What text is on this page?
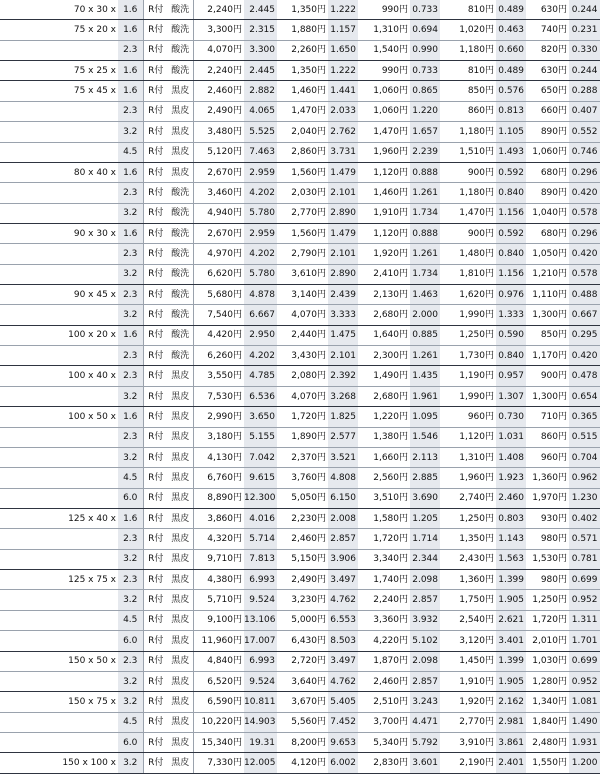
70 x 30 x	1.6	R付	酸洗	2,240円	2.445	1,350円	1.222	990円	0.733	810円	0.489	630円	0.244
75 x 20 x	1.6	R付	酸洗	3,300円	2.315	1,880円	1.157	1,310円	0.694	1,020円	0.463	740円	0.231
	2.3	R付	酸洗	4,070円	3.300	2,260円	1.650	1,540円	0.990	1,180円	0.660	820円	0.330
75 x 25 x	1.6	R付	酸洗	2,240円	2.445	1,350円	1.222	990円	0.733	810円	0.489	630円	0.244
75 x 45 x	1.6	R付	黒皮	2,460円	2.882	1,460円	1.441	1,060円	0.865	850円	0.576	650円	0.288
	2.3	R付	黒皮	2,490円	4.065	1,470円	2.033	1,060円	1.220	860円	0.813	660円	0.407
	3.2	R付	黒皮	3,480円	5.525	2,040円	2.762	1,470円	1.657	1,180円	1.105	890円	0.552
	4.5	R付	黒皮	5,120円	7.463	2,860円	3.731	1,960円	2.239	1,510円	1.493	1,060円	0.746
80 x 40 x	1.6	R付	黒皮	2,670円	2.959	1,560円	1.479	1,120円	0.888	900円	0.592	680円	0.296
	2.3	R付	酸洗	3,460円	4.202	2,030円	2.101	1,460円	1.261	1,180円	0.840	890円	0.420
	3.2	R付	酸洗	4,940円	5.780	2,770円	2.890	1,910円	1.734	1,470円	1.156	1,040円	0.578
90 x 30 x	1.6	R付	酸洗	2,670円	2.959	1,560円	1.479	1,120円	0.888	900円	0.592	680円	0.296
	2.3	R付	酸洗	4,970円	4.202	2,790円	2.101	1,920円	1.261	1,480円	0.840	1,050円	0.420
	3.2	R付	酸洗	6,620円	5.780	3,610円	2.890	2,410円	1.734	1,810円	1.156	1,210円	0.578
90 x 45 x	2.3	R付	酸洗	5,680円	4.878	3,140円	2.439	2,130円	1.463	1,620円	0.976	1,110円	0.488
	3.2	R付	酸洗	7,540円	6.667	4,070円	3.333	2,680円	2.000	1,990円	1.333	1,300円	0.667
100 x 20 x	1.6	R付	酸洗	4,420円	2.950	2,440円	1.475	1,640円	0.885	1,250円	0.590	850円	0.295
	2.3	R付	酸洗	6,260円	4.202	3,430円	2.101	2,300円	1.261	1,730円	0.840	1,170円	0.420
100 x 40 x	2.3	R付	黒皮	3,550円	4.785	2,080円	2.392	1,490円	1.435	1,190円	0.957	900円	0.478
	3.2	R付	黒皮	7,530円	6.536	4,070円	3.268	2,680円	1.961	1,990円	1.307	1,300円	0.654
100 x 50 x	1.6	R付	黒皮	2,990円	3.650	1,720円	1.825	1,220円	1.095	960円	0.730	710円	0.365
	2.3	R付	黒皮	3,180円	5.155	1,890円	2.577	1,380円	1.546	1,120円	1.031	860円	0.515
	3.2	R付	黒皮	4,130円	7.042	2,370円	3.521	1,660円	2.113	1,310円	1.408	960円	0.704
	4.5	R付	黒皮	6,760円	9.615	3,760円	4.808	2,560円	2.885	1,960円	1.923	1,360円	0.962
	6.0	R付	黒皮	8,890円	12.300	5,050円	6.150	3,510円	3.690	2,740円	2.460	1,970円	1.230
125 x 40 x	1.6	R付	黒皮	3,860円	4.016	2,230円	2.008	1,580円	1.205	1,250円	0.803	930円	0.402
	2.3	R付	黒皮	4,320円	5.714	2,460円	2.857	1,720円	1.714	1,350円	1.143	980円	0.571
	3.2	R付	黒皮	9,710円	7.813	5,150円	3.906	3,340円	2.344	2,430円	1.563	1,530円	0.781
125 x 75 x	2.3	R付	黒皮	4,380円	6.993	2,490円	3.497	1,740円	2.098	1,360円	1.399	980円	0.699
	3.2	R付	黒皮	5,710円	9.524	3,230円	4.762	2,240円	2.857	1,750円	1.905	1,250円	0.952
	4.5	R付	黒皮	9,100円	13.106	5,000円	6.553	3,360円	3.932	2,540円	2.621	1,720円	1.311
	6.0	R付	黒皮	11,960円	17.007	6,430円	8.503	4,220円	5.102	3,120円	3.401	2,010円	1.701
150 x 50 x	2.3	R付	黒皮	4,840円	6.993	2,720円	3.497	1,870円	2.098	1,450円	1.399	1,030円	0.699
	3.2	R付	黒皮	6,520円	9.524	3,640円	4.762	2,460円	2.857	1,910円	1.905	1,280円	0.952
150 x 75 x	3.2	R付	黒皮	6,590円	10.811	3,670円	5.405	2,510円	3.243	1,920円	2.162	1,340円	1.081
	4.5	R付	黒皮	10,220円	14.903	5,560円	7.452	3,700円	4.471	2,770円	2.981	1,840円	1.490
	6.0	R付	黒皮	15,340円	19.31	8,200円	9.653	5,340円	5.792	3,910円	3.861	2,480円	1.931
150 x 100 x	3.2	R付	黒皮	7,330円	12.005	4,120円	6.002	2,830円	3.601	2,190円	2.401	1,550円	1.200
